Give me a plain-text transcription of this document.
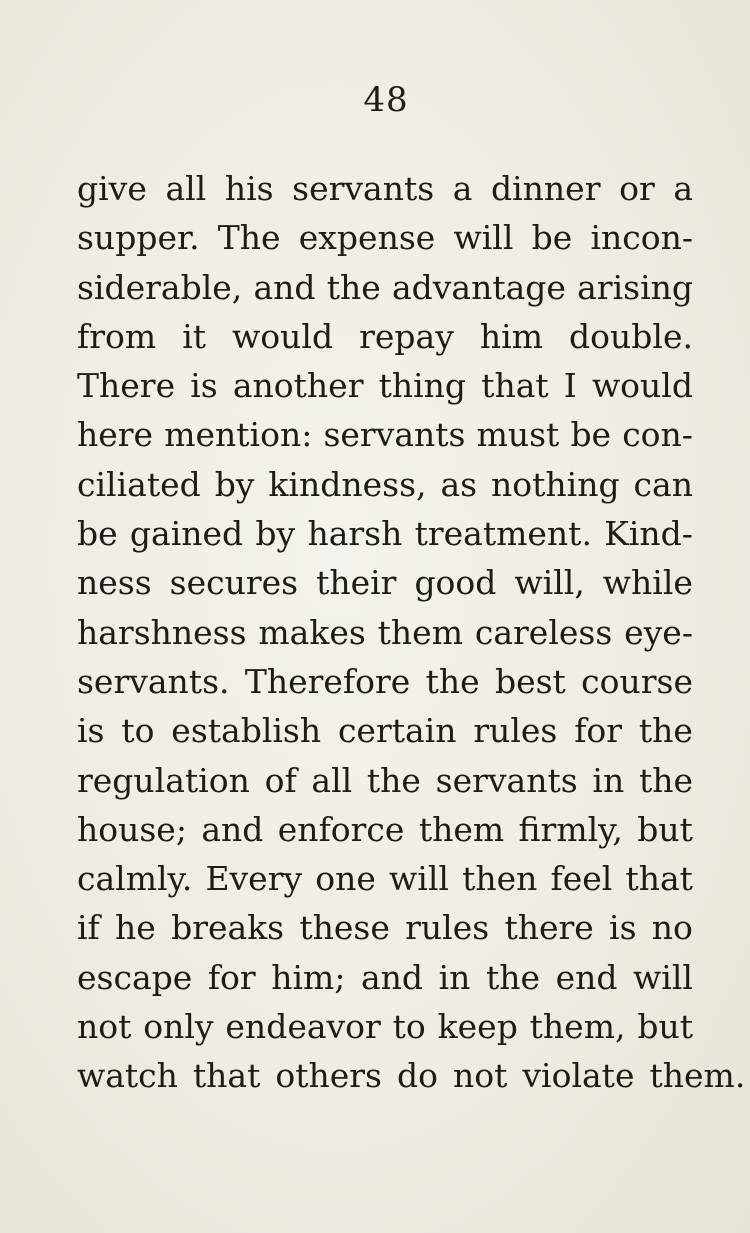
48
give all his servants a dinner or a
supper. The expense will be incon-
siderable, and the advantage arising
from it would repay him double.
There is another thing that I would
here mention: servants must be con-
ciliated by kindness, as nothing can
be gained by harsh treatment. Kind-
ness secures their good will, while
harshness makes them careless eye-
servants. Therefore the best course
is to establish certain rules for the
regulation of all the servants in the
house; and enforce them firmly, but
calmly. Every one will then feel that
if he breaks these rules there is no
escape for him; and in the end will
not only endeavor to keep them, but
watch that others do not violate them.
